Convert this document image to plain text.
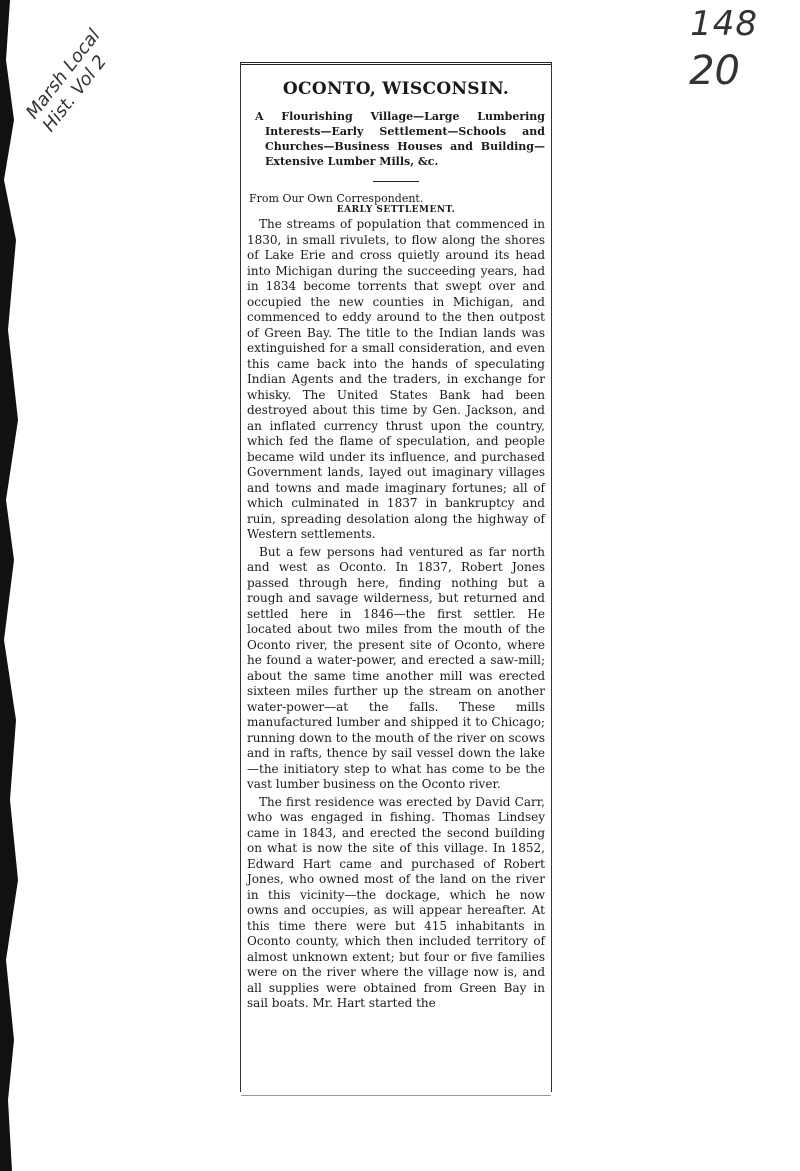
148
20
Marsh Local Hist. Vol 2	OCONTO, WISCONSIN.
A Flourishing Village—Large Lumbering Interests—Early Settlement—Schools and Churches—Business Houses and Building—Extensive Lumber Mills, &c.
From Our Own Correspondent.
EARLY SETTLEMENT.

The streams of population that commenced in 1830, in small rivulets, to flow along the shores of Lake Erie and cross quietly around its head into Michigan during the succeeding years, had in 1834 become torrents that swept over and occupied the new counties in Michigan, and commenced to eddy around to the then outpost of Green Bay. The title to the Indian lands was extinguished for a small consideration, and even this came back into the hands of speculating Indian Agents and the traders, in exchange for whisky. The United States Bank had been destroyed about this time by Gen. Jackson, and an inflated currency thrust upon the country, which fed the flame of speculation, and people became wild under its influence, and purchased Government lands, layed out imaginary villages and towns and made imaginary fortunes; all of which culminated in 1837 in bankruptcy and ruin, spreading desolation along the highway of Western settlements.

But a few persons had ventured as far north and west as Oconto. In 1837, Robert Jones passed through here, finding nothing but a rough and savage wilderness, but returned and settled here in 1846—the first settler. He located about two miles from the mouth of the Oconto river, the present site of Oconto, where he found a water-power, and erected a saw-mill; about the same time another mill was erected sixteen miles further up the stream on another water-power—at the falls. These mills manufactured lumber and shipped it to Chicago; running down to the mouth of the river on scows and in rafts, thence by sail vessel down the lake—the initiatory step to what has come to be the vast lumber business on the Oconto river.

The first residence was erected by David Carr, who was engaged in fishing. Thomas Lindsey came in 1843, and erected the second building on what is now the site of this village. In 1852, Edward Hart came and purchased of Robert Jones, who owned most of the land on the river in this vicinity—the dockage, which he now owns and occupies, as will appear hereafter. At this time there were but 415 inhabitants in Oconto county, which then included territory of almost unknown extent; but four or five families were on the river where the village now is, and all supplies were obtained from Green Bay in sail boats. Mr. Hart started the
